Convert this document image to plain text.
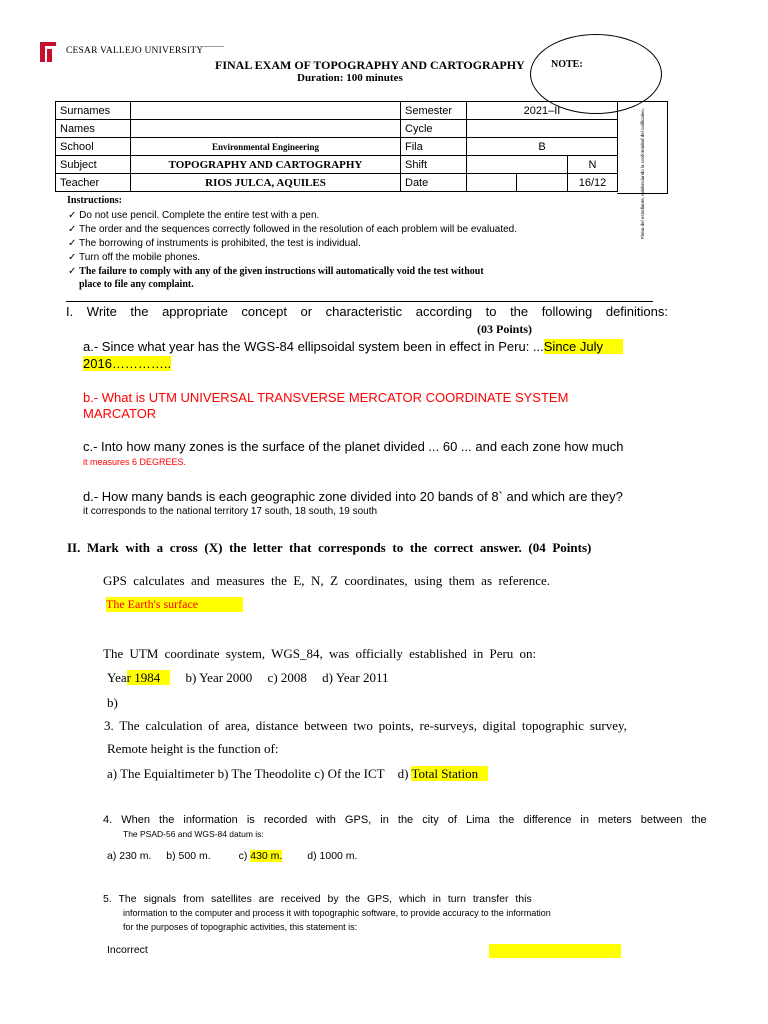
CESAR VALLEJO UNIVERSITY
FINAL EXAM OF TOPOGRAPHY AND CARTOGRAPHY
Duration: 100 minutes
NOTE:
Surnames		Semester	2021–II		
Names		Cycle			
School	Environmental Engineering	Fila	B		
Subject	TOPOGRAPHY AND CARTOGRAPHY	Shift			N
Teacher	RIOS JULCA, AQUILES	Date			16/12	Firma del estudiante, evidenciando la conformidad del calificativo.
Instructions:
✓ Do not use pencil. Complete the entire test with a pen.
✓ The order and the sequences correctly followed in the resolution of each problem will be evaluated.
✓ The borrowing of instruments is prohibited, the test is individual.
✓ Turn off the mobile phones.
✓ The failure to comply with any of the given instructions will automatically void the test without
place to file any complaint.
I. Write the appropriate concept or characteristic according to the following definitions:
(03 Points)
a.- Since what year has the WGS-84 ellipsoidal system been in effect in Peru: ...Since July
2016…………..
b.- What is UTM UNIVERSAL TRANSVERSE MERCATOR COORDINATE SYSTEM
MARCATOR
c.- Into how many zones is the surface of the planet divided ... 60 ... and each zone how much
it measures 6 DEGREES.
d.- How many bands is each geographic zone divided into 20 bands of 8` and which are they?
it corresponds to the national territory 17 south, 18 south, 19 south
II. Mark with a cross (X) the letter that corresponds to the correct answer. (04 Points)
GPS calculates and measures the E, N, Z coordinates, using them as reference.
The Earth's surface
The UTM coordinate system, WGS_84, was officially established in Peru on:
Year 1984 b) Year 2000 c) 2008 d) Year 2011
b)
3. The calculation of area, distance between two points, re-surveys, digital topographic survey,
Remote height is the function of:
a) The Equialtimeter b) The Theodolite c) Of the ICT d) Total Station
4. When the information is recorded with GPS, in the city of Lima the difference in meters between the
The PSAD-56 and WGS-84 datum is:
a) 230 m. b) 500 m.	c) 430 m. d) 1000 m.
5. The signals from satellites are received by the GPS, which in turn transfer this
information to the computer and process it with topographic software, to provide accuracy to the information
for the purposes of topographic activities, this statement is:
Incorrect
